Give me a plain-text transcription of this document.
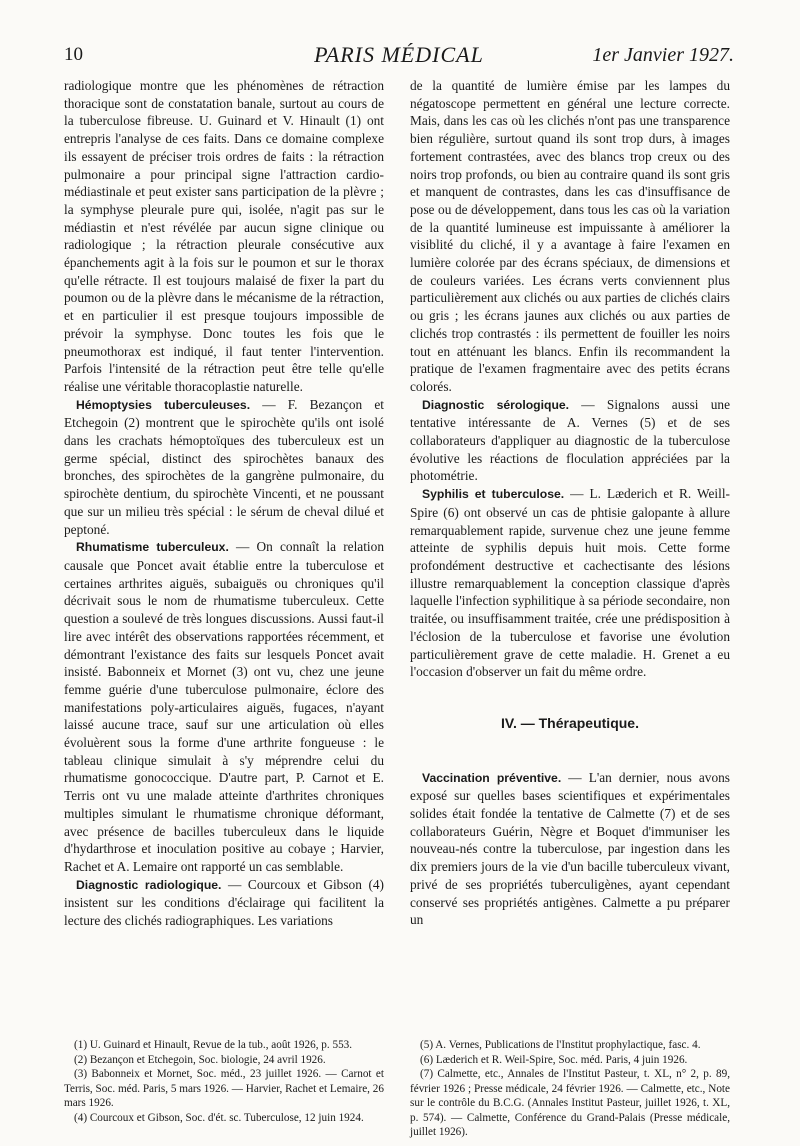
10	PARIS MÉDICAL	1er Janvier 1927.

radiologique montre que les phénomènes de rétraction thoracique sont de constatation banale, surtout au cours de la tuberculose fibreuse. U. Guinard et V. Hinault (1) ont entrepris l'analyse de ces faits. Dans ce domaine complexe ils essayent de préciser trois ordres de faits : la rétraction pulmonaire a pour principal signe l'attraction cardio-médiastinale et peut exister sans participation de la plèvre ; la symphyse pleurale pure qui, isolée, n'agit pas sur le médiastin et n'est révélée par aucun signe clinique ou radiologique ; la rétraction pleurale consécutive aux épanchements agit à la fois sur le poumon et sur le thorax qu'elle rétracte. Il est toujours malaisé de fixer la part du poumon ou de la plèvre dans le mécanisme de la rétraction, et en particulier il est presque toujours impossible de prévoir la symphyse. Donc toutes les fois que le pneumothorax est indiqué, il faut tenter l'intervention. Parfois l'intensité de la rétraction peut être telle qu'elle réalise une véritable thoracoplastie naturelle.

Hémoptysies tuberculeuses. — F. Bezançon et Etchegoin (2) montrent que le spirochète qu'ils ont isolé dans les crachats hémoptoïques des tuberculeux est un germe spécial, distinct des spirochètes banaux des bronches, des spirochètes de la gangrène pulmonaire, du spirochète dentium, du spirochète Vincenti, et ne poussant que sur un milieu très spécial : le sérum de cheval dilué et peptoné.

Rhumatisme tuberculeux. — On connaît la relation causale que Poncet avait établie entre la tuberculose et certaines arthrites aiguës, subaiguës ou chroniques qu'il décrivait sous le nom de rhumatisme tuberculeux. Cette question a soulevé de très longues discussions. Aussi faut-il lire avec intérêt des observations rapportées récemment, et démontrant l'existance des faits sur lesquels Poncet avait insisté. Babonneix et Mornet (3) ont vu, chez une jeune femme guérie d'une tuberculose pulmonaire, éclore des manifestations poly-articulaires aiguës, fugaces, n'ayant laissé aucune trace, sauf sur une articulation où elles évoluèrent sous la forme d'une arthrite fongueuse : le tableau clinique simulait à s'y méprendre celui du rhumatisme gonococcique. D'autre part, P. Carnot et E. Terris ont vu une malade atteinte d'arthrites chroniques multiples simulant le rhumatisme chronique déformant, avec présence de bacilles tuberculeux dans le liquide d'hydarthrose et inoculation positive au cobaye ; Harvier, Rachet et A. Lemaire ont rapporté un cas semblable.

Diagnostic radiologique. — Courcoux et Gibson (4) insistent sur les conditions d'éclairage qui facilitent la lecture des clichés radiographiques. Les variations

de la quantité de lumière émise par les lampes du négatoscope permettent en général une lecture correcte. Mais, dans les cas où les clichés n'ont pas une transparence bien régulière, surtout quand ils sont trop durs, à images fortement contrastées, avec des blancs trop creux ou des noirs trop profonds, ou bien au contraire quand ils sont gris et manquent de contrastes, dans les cas d'insuffisance de pose ou de développement, dans tous les cas où la variation de la quantité lumineuse est impuissante à améliorer la visiblité du cliché, il y a avantage à faire l'examen en lumière colorée par des écrans spéciaux, de dimensions et de couleurs variées. Les écrans verts conviennent plus particulièrement aux clichés ou aux parties de clichés clairs ou gris ; les écrans jaunes aux clichés ou aux parties de clichés trop contrastés : ils permettent de fouiller les noirs tout en atténuant les blancs. Enfin ils recommandent la pratique de l'examen fragmentaire avec des petits écrans colorés.

Diagnostic sérologique. — Signalons aussi une tentative intéressante de A. Vernes (5) et de ses collaborateurs d'appliquer au diagnostic de la tuberculose évolutive les réactions de floculation appréciées par la photométrie.

Syphilis et tuberculose. — L. Læderich et R. Weill-Spire (6) ont observé un cas de phtisie galopante à allure remarquablement rapide, survenue chez une jeune femme atteinte de syphilis depuis huit mois. Cette forme profondément destructive et cachectisante des lésions illustre remarquablement la conception classique d'après laquelle l'infection syphilitique à sa période secondaire, non traitée, ou insuffisamment traitée, crée une prédisposition à l'éclosion de la tuberculose et favorise une évolution particulièrement grave de cette maladie. H. Grenet a eu l'occasion d'observer un fait du même ordre.

IV. — Thérapeutique.

Vaccination préventive. — L'an dernier, nous avons exposé sur quelles bases scientifiques et expérimentales solides était fondée la tentative de Calmette (7) et de ses collaborateurs Guérin, Nègre et Boquet d'immuniser les nouveau-nés contre la tuberculose, par ingestion dans les dix premiers jours de la vie d'un bacille tuberculeux vivant, privé de ses propriétés tuberculigènes, ayant cependant conservé ses propriétés antigènes. Calmette a pu préparer un

(1) U. Guinard et Hinault, Revue de la tub., août 1926, p. 553.

(2) Bezançon et Etchegoin, Soc. biologie, 24 avril 1926.

(3) Babonneix et Mornet, Soc. méd., 23 juillet 1926. — Carnot et Terris, Soc. méd. Paris, 5 mars 1926. — Harvier, Rachet et Lemaire, 26 mars 1926.

(4) Courcoux et Gibson, Soc. d'ét. sc. Tuberculose, 12 juin 1924.

(5) A. Vernes, Publications de l'Institut prophylactique, fasc. 4.

(6) Læderich et R. Weil-Spire, Soc. méd. Paris, 4 juin 1926.

(7) Calmette, etc., Annales de l'Institut Pasteur, t. XL, n° 2, p. 89, février 1926 ; Presse médicale, 24 février 1926. — Calmette, etc., Note sur le contrôle du B.C.G. (Annales Institut Pasteur, juillet 1926, t. XL, p. 574). — Calmette, Conférence du Grand-Palais (Presse médicale, juillet 1926).
